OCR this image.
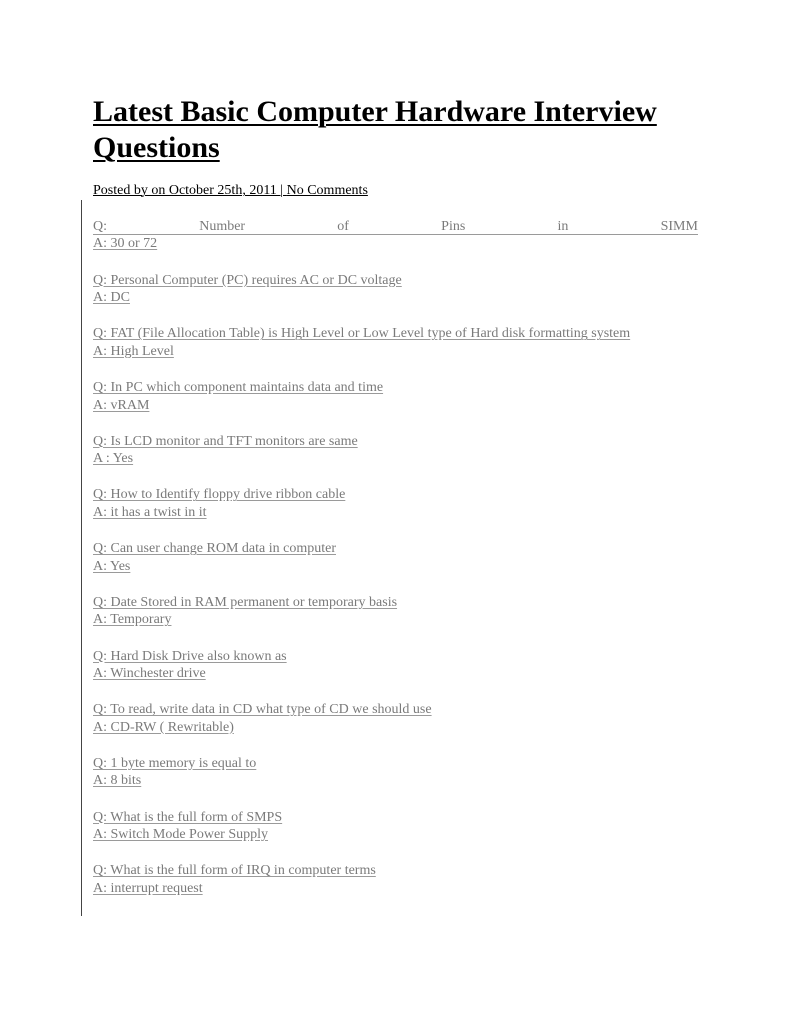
Latest Basic Computer Hardware Interview Questions
Posted by on October 25th, 2011 | No Comments
Q:	Number	of	Pins	in	SIMM
A: 30 or 72
Q: Personal Computer (PC) requires AC or DC voltage
A: DC
Q: FAT (File Allocation Table) is High Level or Low Level type of Hard disk formatting system
A: High Level
Q: In PC which component maintains data and time
A: vRAM
Q: Is LCD monitor and TFT monitors are same
A : Yes
Q: How to Identify floppy drive ribbon cable
A: it has a twist in it
Q: Can user change ROM data in computer
A: Yes
Q: Date Stored in RAM permanent or temporary basis
A: Temporary
Q: Hard Disk Drive also known as
A: Winchester drive
Q: To read, write data in CD what type of CD we should use
A: CD-RW ( Rewritable)
Q: 1 byte memory is equal to
A: 8 bits
Q: What is the full form of SMPS
A: Switch Mode Power Supply
Q: What is the full form of IRQ in computer terms
A: interrupt request
